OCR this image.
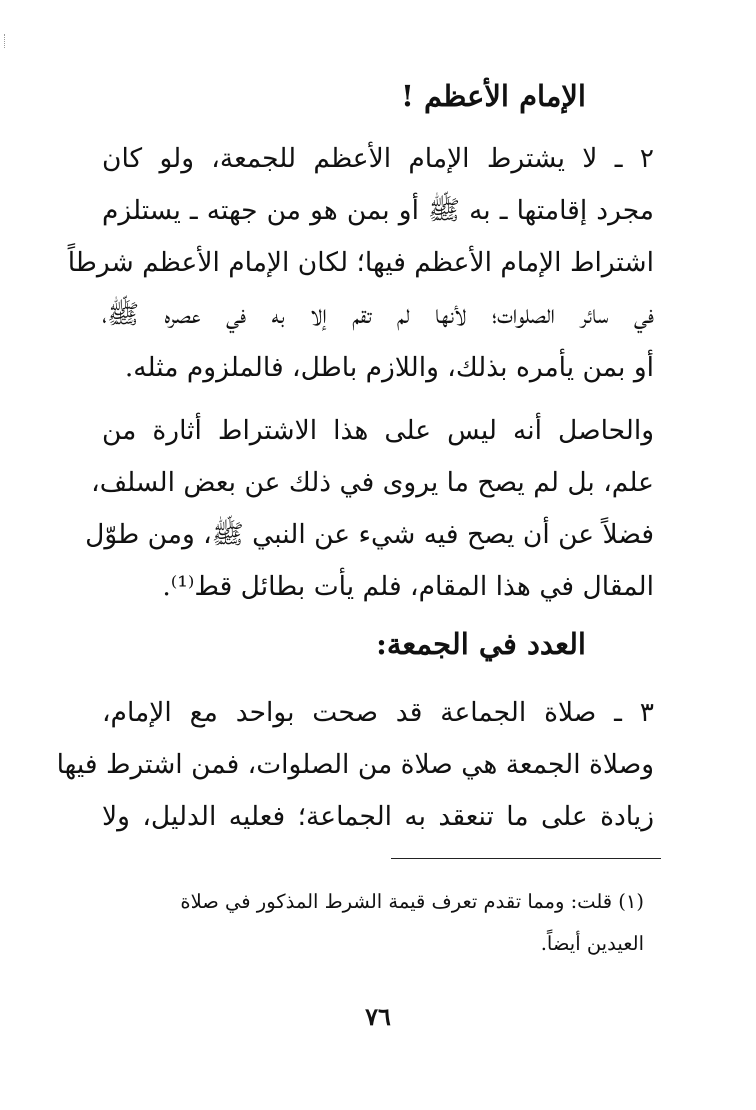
الإمام الأعظم !
٢ ـ لا يشترط الإمام الأعظم للجمعة، ولو كان
مجرد إقامتها ـ به ﷺ أو بمن هو من جهته ـ يستلزم
اشتراط الإمام الأعظم فيها؛ لكان الإمام الأعظم شرطاً
في سائر الصلوات؛ لأنها لم تقم إلا به في عصره ﷺ،
أو بمن يأمره بذلك، واللازم باطل، فالملزوم مثله.
والحاصل أنه ليس على هذا الاشتراط أثارة من
علم، بل لم يصح ما يروى في ذلك عن بعض السلف،
فضلاً عن أن يصح فيه شيء عن النبي ﷺ، ومن طوّل
المقال في هذا المقام، فلم يأت بطائل قط⁽¹⁾.
العدد في الجمعة:
٣ ـ صلاة الجماعة قد صحت بواحد مع الإمام،
وصلاة الجمعة هي صلاة من الصلوات، فمن اشترط فيها
زيادة على ما تنعقد به الجماعة؛ فعليه الدليل، ولا
(١) قلت: ومما تقدم تعرف قيمة الشرط المذكور في صلاة
العيدين أيضاً.
٧٦
